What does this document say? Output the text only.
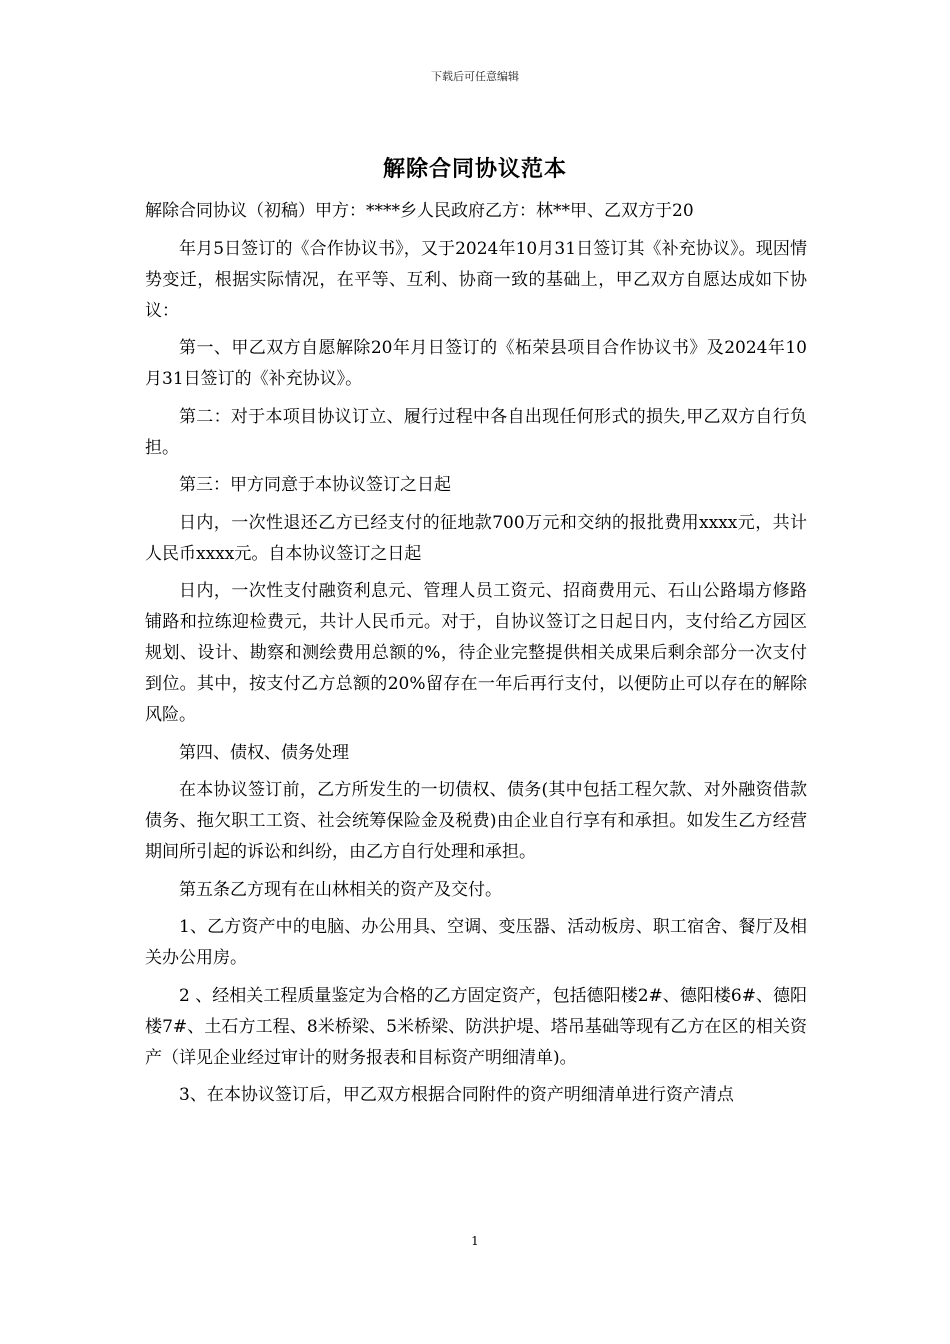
下载后可任意编辑
解除合同协议范本

解除合同协议（初稿）甲方：****乡人民政府乙方：林**甲、乙双方于20

年月5日签订的《合作协议书》，又于2024年10月31日签订其《补充协议》。现因情势变迁，根据实际情况，在平等、互利、协商一致的基础上，甲乙双方自愿达成如下协议：

第一、甲乙双方自愿解除20年月日签订的《柘荣县项目合作协议书》及2024年10月31日签订的《补充协议》。

第二：对于本项目协议订立、履行过程中各自出现任何形式的损失,甲乙双方自行负担。

第三：甲方同意于本协议签订之日起

日内，一次性退还乙方已经支付的征地款700万元和交纳的报批费用xxxx元，共计人民币xxxx元。自本协议签订之日起

日内，一次性支付融资利息元、管理人员工资元、招商费用元、石山公路塌方修路铺路和拉练迎检费元，共计人民币元。对于，自协议签订之日起日内，支付给乙方园区规划、设计、勘察和测绘费用总额的%，待企业完整提供相关成果后剩余部分一次支付到位。其中，按支付乙方总额的20%留存在一年后再行支付，以便防止可以存在的解除风险。

第四、债权、债务处理

在本协议签订前，乙方所发生的一切债权、债务(其中包括工程欠款、对外融资借款债务、拖欠职工工资、社会统筹保险金及税费)由企业自行享有和承担。如发生乙方经营期间所引起的诉讼和纠纷，由乙方自行处理和承担。

第五条乙方现有在山林相关的资产及交付。

1、乙方资产中的电脑、办公用具、空调、变压器、活动板房、职工宿舍、餐厅及相关办公用房。

2 、经相关工程质量鉴定为合格的乙方固定资产，包括德阳楼2#、德阳楼6#、德阳楼7#、土石方工程、8米桥梁、5米桥梁、防洪护堤、塔吊基础等现有乙方在区的相关资产（详见企业经过审计的财务报表和目标资产明细清单)。

3、在本协议签订后，甲乙双方根据合同附件的资产明细清单进行资产清点

1
